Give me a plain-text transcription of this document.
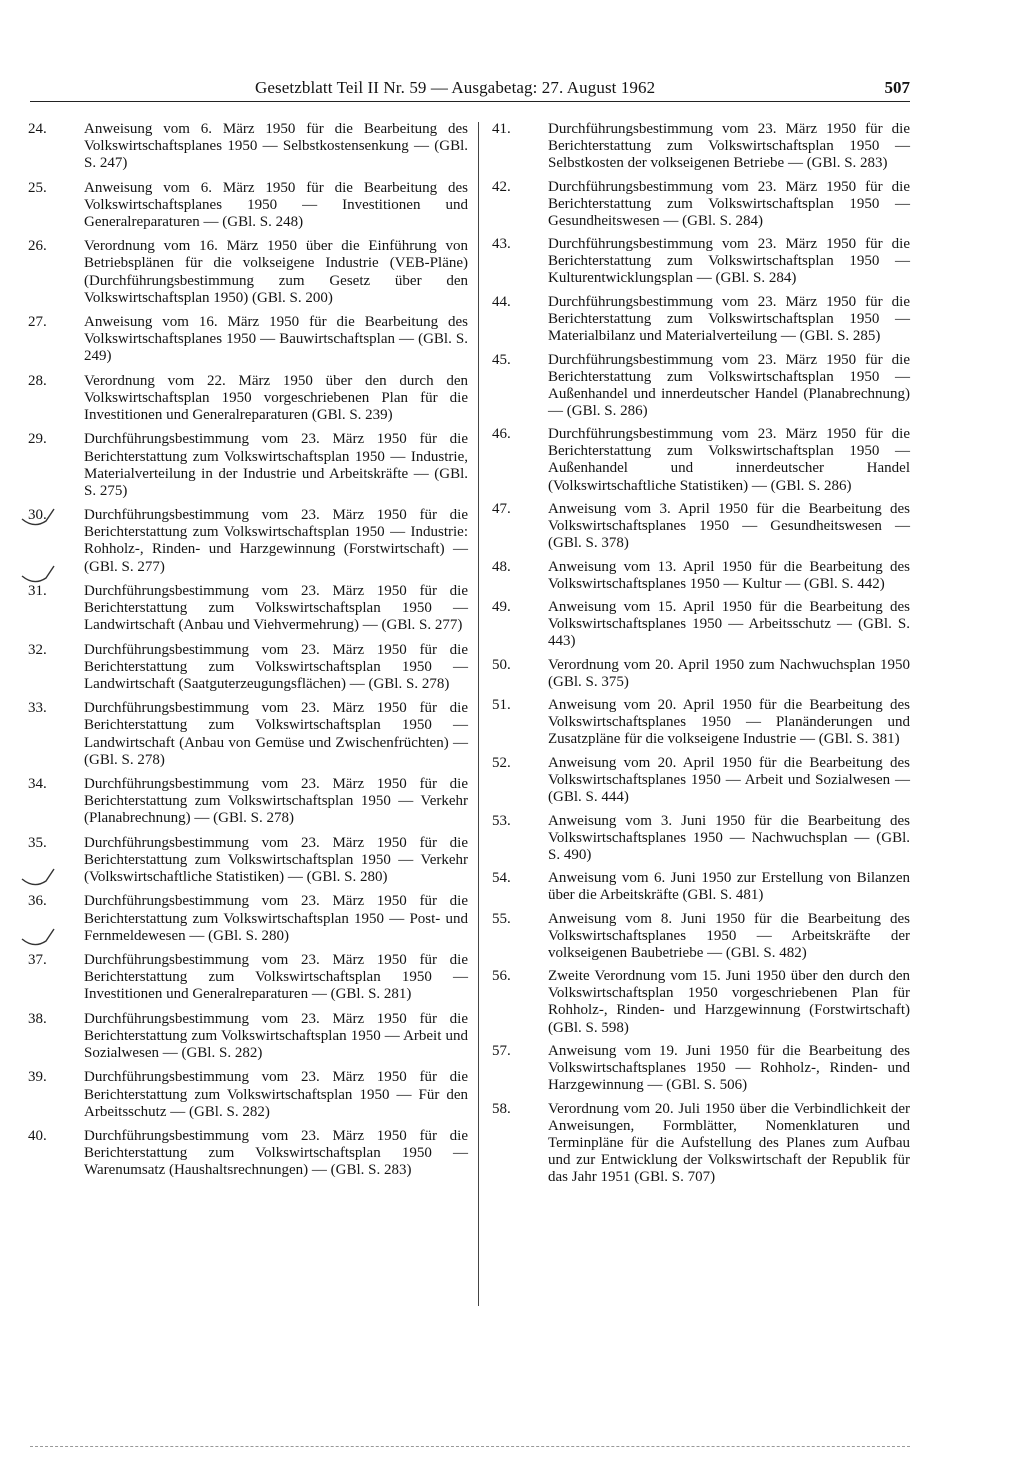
Gesetzblatt Teil II Nr. 59 — Ausgabetag: 27. August 1962	507
24. Anweisung vom 6. März 1950 für die Bearbeitung des Volkswirtschaftsplanes 1950 — Selbstkostensenkung — (GBl. S. 247)
25. Anweisung vom 6. März 1950 für die Bearbeitung des Volkswirtschaftsplanes 1950 — Investitionen und Generalreparaturen — (GBl. S. 248)
26. Verordnung vom 16. März 1950 über die Einführung von Betriebsplänen für die volkseigene Industrie (VEB-Pläne) (Durchführungsbestimmung zum Gesetz über den Volkswirtschaftsplan 1950) (GBl. S. 200)
27. Anweisung vom 16. März 1950 für die Bearbeitung des Volkswirtschaftsplanes 1950 — Bauwirtschaftsplan — (GBl. S. 249)
28. Verordnung vom 22. März 1950 über den durch den Volkswirtschaftsplan 1950 vorgeschriebenen Plan für die Investitionen und Generalreparaturen (GBl. S. 239)
29. Durchführungsbestimmung vom 23. März 1950 für die Berichterstattung zum Volkswirtschaftsplan 1950 — Industrie, Materialverteilung in der Industrie und Arbeitskräfte — (GBl. S. 275)
30. Durchführungsbestimmung vom 23. März 1950 für die Berichterstattung zum Volkswirtschaftsplan 1950 — Industrie: Rohholz-, Rinden- und Harzgewinnung (Forstwirtschaft) — (GBl. S. 277)
31. Durchführungsbestimmung vom 23. März 1950 für die Berichterstattung zum Volkswirtschaftsplan 1950 — Landwirtschaft (Anbau und Viehvermehrung) — (GBl. S. 277)
32. Durchführungsbestimmung vom 23. März 1950 für die Berichterstattung zum Volkswirtschaftsplan 1950 — Landwirtschaft (Saatguterzeugungsflächen) — (GBl. S. 278)
33. Durchführungsbestimmung vom 23. März 1950 für die Berichterstattung zum Volkswirtschaftsplan 1950 — Landwirtschaft (Anbau von Gemüse und Zwischenfrüchten) — (GBl. S. 278)
34. Durchführungsbestimmung vom 23. März 1950 für die Berichterstattung zum Volkswirtschaftsplan 1950 — Verkehr (Planabrechnung) — (GBl. S. 278)
35. Durchführungsbestimmung vom 23. März 1950 für die Berichterstattung zum Volkswirtschaftsplan 1950 — Verkehr (Volkswirtschaftliche Statistiken) — (GBl. S. 280)
36. Durchführungsbestimmung vom 23. März 1950 für die Berichterstattung zum Volkswirtschaftsplan 1950 — Post- und Fernmeldewesen — (GBl. S. 280)
37. Durchführungsbestimmung vom 23. März 1950 für die Berichterstattung zum Volkswirtschaftsplan 1950 — Investitionen und Generalreparaturen — (GBl. S. 281)
38. Durchführungsbestimmung vom 23. März 1950 für die Berichterstattung zum Volkswirtschaftsplan 1950 — Arbeit und Sozialwesen — (GBl. S. 282)
39. Durchführungsbestimmung vom 23. März 1950 für die Berichterstattung zum Volkswirtschaftsplan 1950 — Für den Arbeitsschutz — (GBl. S. 282)
40. Durchführungsbestimmung vom 23. März 1950 für die Berichterstattung zum Volkswirtschaftsplan 1950 — Warenumsatz (Haushaltsrechnungen) — (GBl. S. 283)
41. Durchführungsbestimmung vom 23. März 1950 für die Berichterstattung zum Volkswirtschaftsplan 1950 — Selbstkosten der volkseigenen Betriebe — (GBl. S. 283)
42. Durchführungsbestimmung vom 23. März 1950 für die Berichterstattung zum Volkswirtschaftsplan 1950 — Gesundheitswesen — (GBl. S. 284)
43. Durchführungsbestimmung vom 23. März 1950 für die Berichterstattung zum Volkswirtschaftsplan 1950 — Kulturentwicklungsplan — (GBl. S. 284)
44. Durchführungsbestimmung vom 23. März 1950 für die Berichterstattung zum Volkswirtschaftsplan 1950 — Materialbilanz und Materialverteilung — (GBl. S. 285)
45. Durchführungsbestimmung vom 23. März 1950 für die Berichterstattung zum Volkswirtschaftsplan 1950 — Außenhandel und innerdeutscher Handel (Planabrechnung) — (GBl. S. 286)
46. Durchführungsbestimmung vom 23. März 1950 für die Berichterstattung zum Volkswirtschaftsplan 1950 — Außenhandel und innerdeutscher Handel (Volkswirtschaftliche Statistiken) — (GBl. S. 286)
47. Anweisung vom 3. April 1950 für die Bearbeitung des Volkswirtschaftsplanes 1950 — Gesundheitswesen — (GBl. S. 378)
48. Anweisung vom 13. April 1950 für die Bearbeitung des Volkswirtschaftsplanes 1950 — Kultur — (GBl. S. 442)
49. Anweisung vom 15. April 1950 für die Bearbeitung des Volkswirtschaftsplanes 1950 — Arbeitsschutz — (GBl. S. 443)
50. Verordnung vom 20. April 1950 zum Nachwuchsplan 1950 (GBl. S. 375)
51. Anweisung vom 20. April 1950 für die Bearbeitung des Volkswirtschaftsplanes 1950 — Planänderungen und Zusatzpläne für die volkseigene Industrie — (GBl. S. 381)
52. Anweisung vom 20. April 1950 für die Bearbeitung des Volkswirtschaftsplanes 1950 — Arbeit und Sozialwesen — (GBl. S. 444)
53. Anweisung vom 3. Juni 1950 für die Bearbeitung des Volkswirtschaftsplanes 1950 — Nachwuchsplan — (GBl. S. 490)
54. Anweisung vom 6. Juni 1950 zur Erstellung von Bilanzen über die Arbeitskräfte (GBl. S. 481)
55. Anweisung vom 8. Juni 1950 für die Bearbeitung des Volkswirtschaftsplanes 1950 — Arbeitskräfte der volkseigenen Baubetriebe — (GBl. S. 482)
56. Zweite Verordnung vom 15. Juni 1950 über den durch den Volkswirtschaftsplan 1950 vorgeschriebenen Plan für Rohholz-, Rinden- und Harzgewinnung (Forstwirtschaft) (GBl. S. 598)
57. Anweisung vom 19. Juni 1950 für die Bearbeitung des Volkswirtschaftsplanes 1950 — Rohholz-, Rinden- und Harzgewinnung — (GBl. S. 506)
58. Verordnung vom 20. Juli 1950 über die Verbindlichkeit der Anweisungen, Formblätter, Nomenklaturen und Terminpläne für die Aufstellung des Planes zum Aufbau und zur Entwicklung der Volkswirtschaft der Republik für das Jahr 1951 (GBl. S. 707)
